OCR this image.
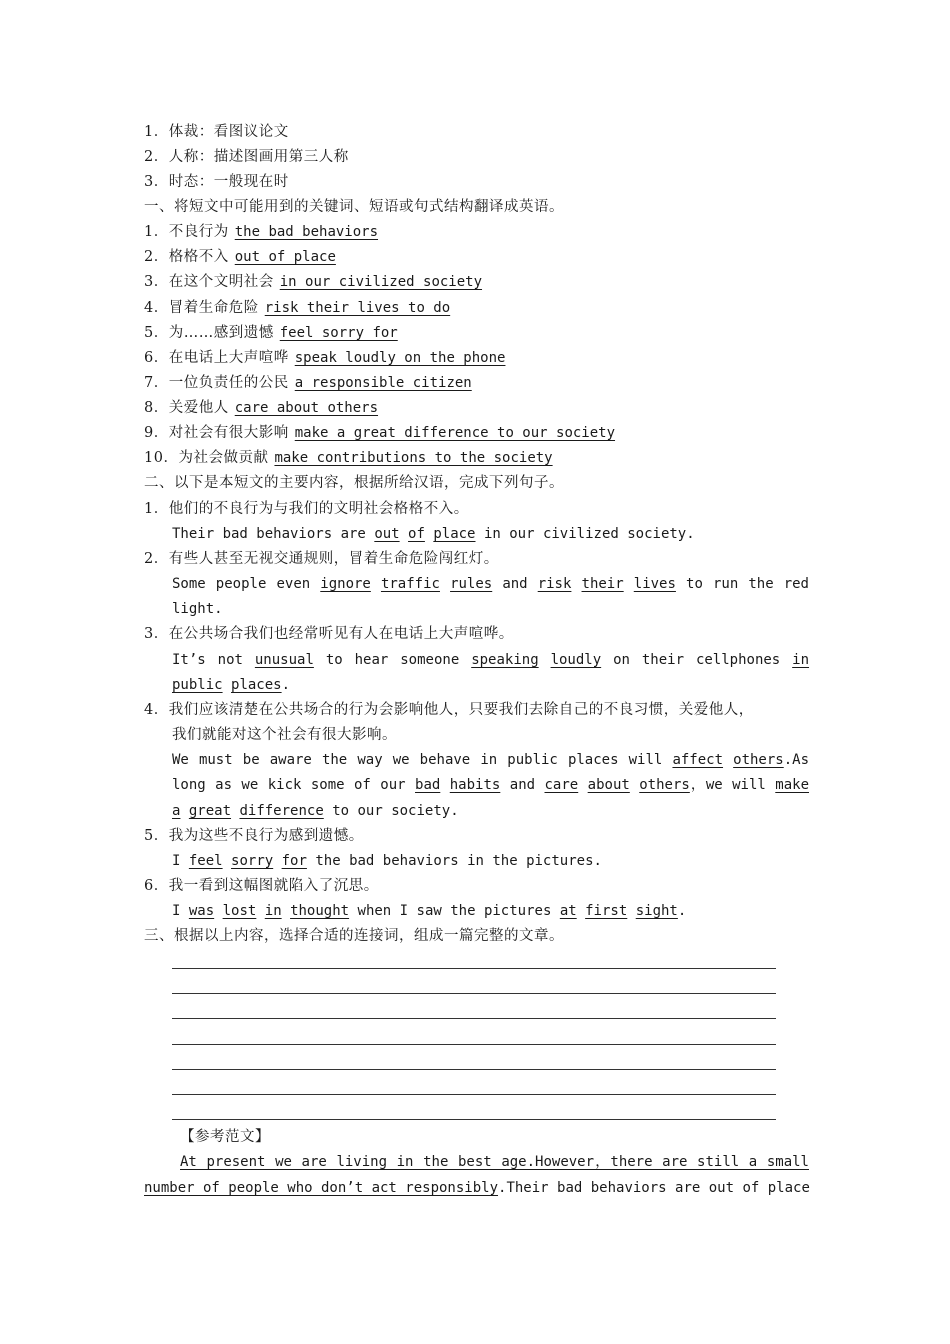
1．体裁：看图议论文
2．人称：描述图画用第三人称
3．时态：一般现在时
一、将短文中可能用到的关键词、短语或句式结构翻译成英语。
1．不良行为 the bad behaviors
2．格格不入 out of place
3．在这个文明社会 in our civilized society
4．冒着生命危险 risk their lives to do
5．为……感到遗憾 feel sorry for
6．在电话上大声喧哗 speak loudly on the phone
7．一位负责任的公民 a responsible citizen
8．关爱他人 care about others
9．对社会有很大影响 make a great difference to our society
10．为社会做贡献 make contributions to the society
二、以下是本短文的主要内容，根据所给汉语，完成下列句子。
1．他们的不良行为与我们的文明社会格格不入。
Their bad behaviors are out of place in our civilized society.
2．有些人甚至无视交通规则，冒着生命危险闯红灯。
Some people even ignore traffic rules and risk their lives to run the red
light.
3．在公共场合我们也经常听见有人在电话上大声喧哗。
It’s not unusual to hear someone speaking loudly on their cellphones in
public places.
4．我们应该清楚在公共场合的行为会影响他人，只要我们去除自己的不良习惯，关爱他人，
我们就能对这个社会有很大影响。
We must be aware the way we behave in public places will affect others.As
long as we kick some of our bad habits and care about others，we will make
a great difference to our society.
5．我为这些不良行为感到遗憾。
I feel sorry for the bad behaviors in the pictures.
6．我一看到这幅图就陷入了沉思。
I was lost in thought when I saw the pictures at first sight.
三、根据以上内容，选择合适的连接词，组成一篇完整的文章。
【参考范文】
At present we are living in the best age.However，there are still a small
number of people who don’t act responsibly.Their bad behaviors are out of place
